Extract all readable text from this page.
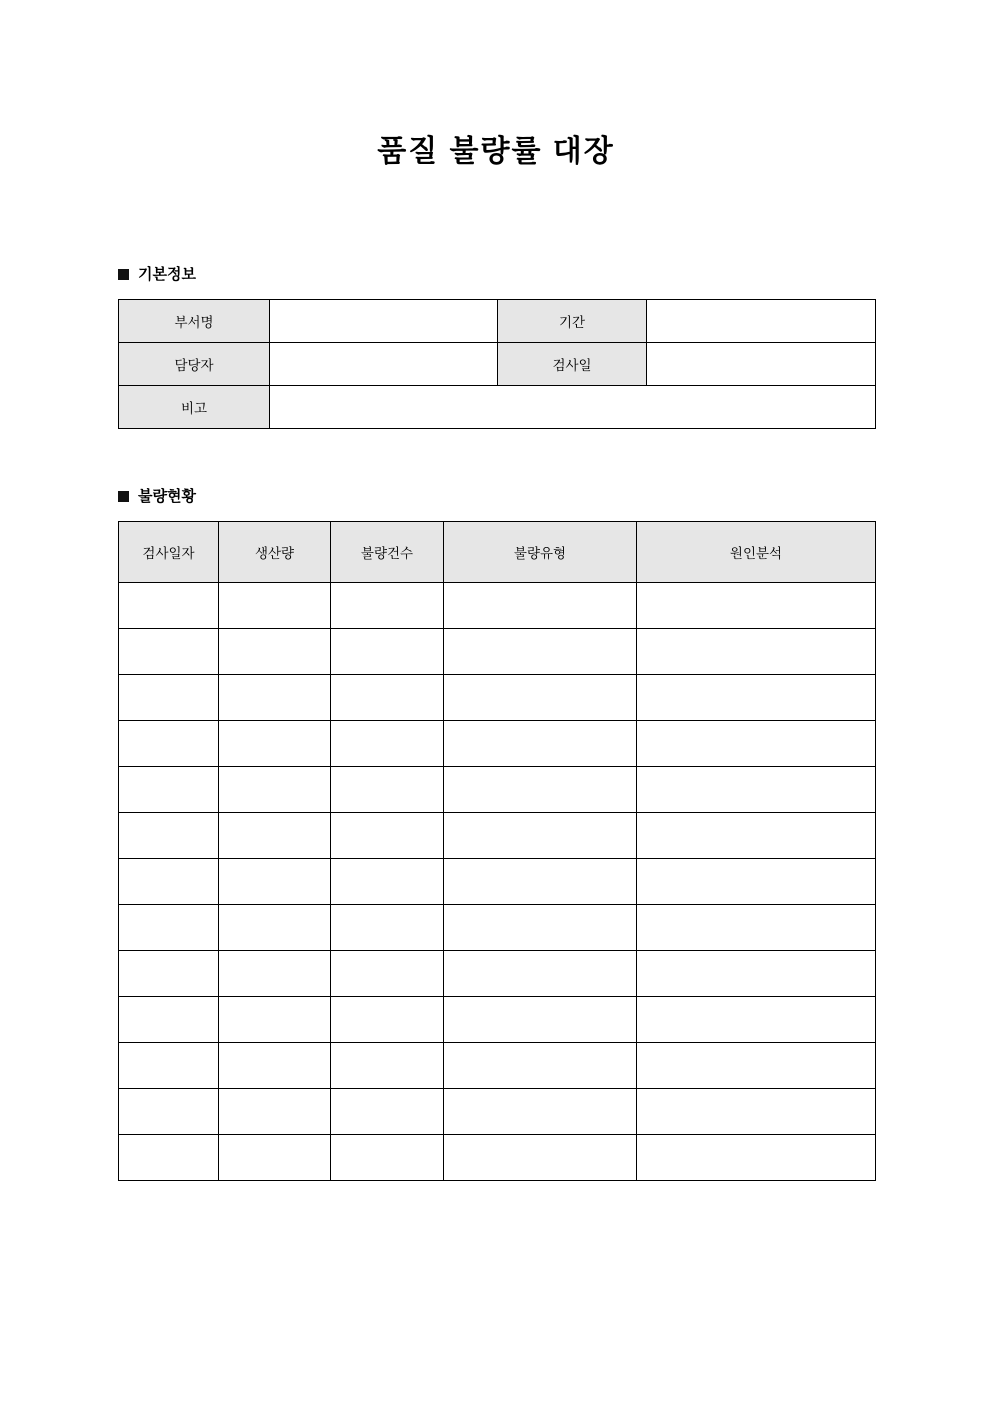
품질 불량률 대장
기본정보
부서명		기간	
담당자		검사일	
비고			
불량현황
검사일자	생산량	불량건수	불량유형	원인분석
